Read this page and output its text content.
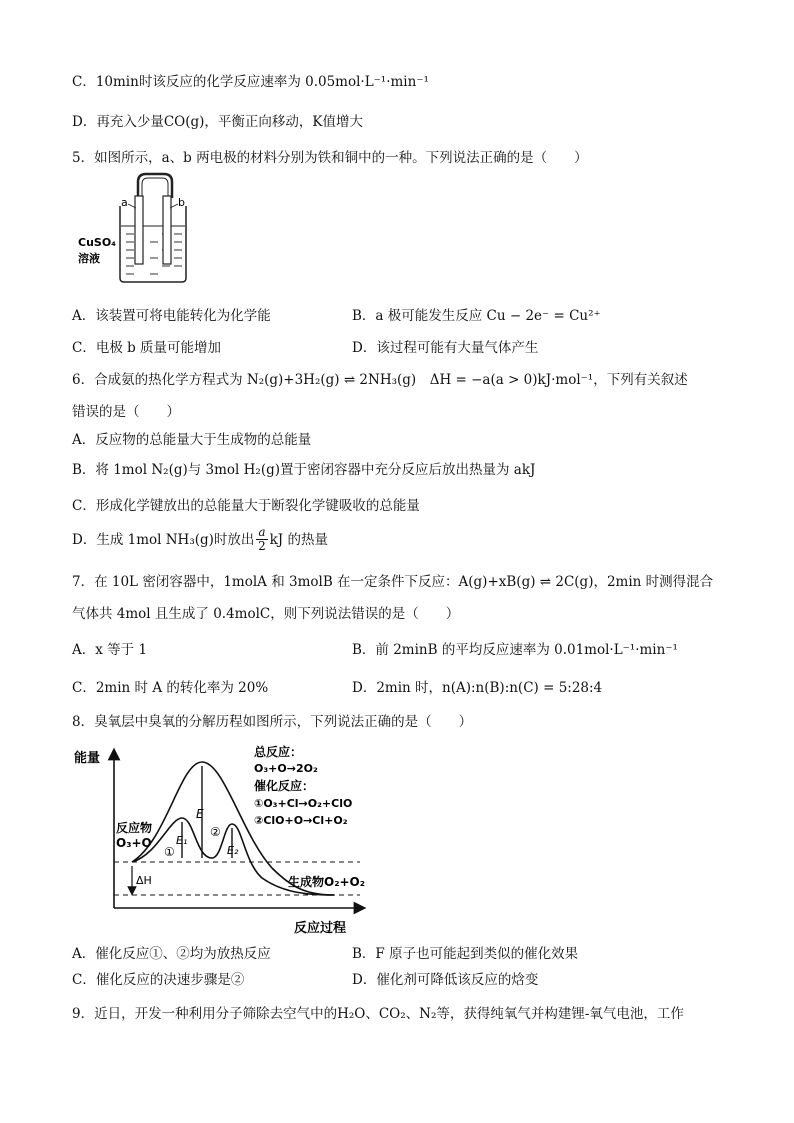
C．10min时该反应的化学反应速率为 0.05mol·L⁻¹·min⁻¹
D．再充入少量CO(g)，平衡正向移动，K值增大
5．如图所示，a、b 两电极的材料分别为铁和铜中的一种。下列说法正确的是（　　）
a	b
CuSO₄
溶液
A．该装置可将电能转化为化学能	B．a 极可能发生反应 Cu − 2e⁻ = Cu²⁺
C．电极 b 质量可能增加	D．该过程可能有大量气体产生
6．合成氨的热化学方程式为 N₂(g)+3H₂(g) ⇌ 2NH₃(g)　ΔH = −a(a > 0)kJ·mol⁻¹，下列有关叙述
错误的是（　　）
A．反应物的总能量大于生成物的总能量
B．将 1mol N₂(g)与 3mol H₂(g)置于密闭容器中充分反应后放出热量为 akJ
C．形成化学键放出的总能量大于断裂化学键吸收的总能量
D．生成 1mol NH₃(g)时放出 $\frac{a}{2}$ kJ 的热量
7．在 10L 密闭容器中，1molA 和 3molB 在一定条件下反应：A(g)+xB(g) ⇌ 2C(g)，2min 时测得混合
气体共 4mol 且生成了 0.4molC，则下列说法错误的是（　　）
A．x 等于 1	B．前 2minB 的平均反应速率为 0.01mol·L⁻¹·min⁻¹
C．2min 时 A 的转化率为 20%	D．2min 时，n(A):n(B):n(C) = 5:28:4
8．臭氧层中臭氧的分解历程如图所示，下列说法正确的是（　　）
能量
反应过程
E
E₁
E₂
①
②
ΔH
反应物
O₃+O
生成物O₂+O₂
总反应：
O₃+O→2O₂
催化反应：
①O₃+Cl→O₂+ClO
②ClO+O→Cl+O₂
A．催化反应①、②均为放热反应	B．F 原子也可能起到类似的催化效果
C．催化反应的决速步骤是②	D．催化剂可降低该反应的焓变
9．近日，开发一种利用分子筛除去空气中的H₂O、CO₂、N₂等，获得纯氧气并构建锂-氧气电池，工作
